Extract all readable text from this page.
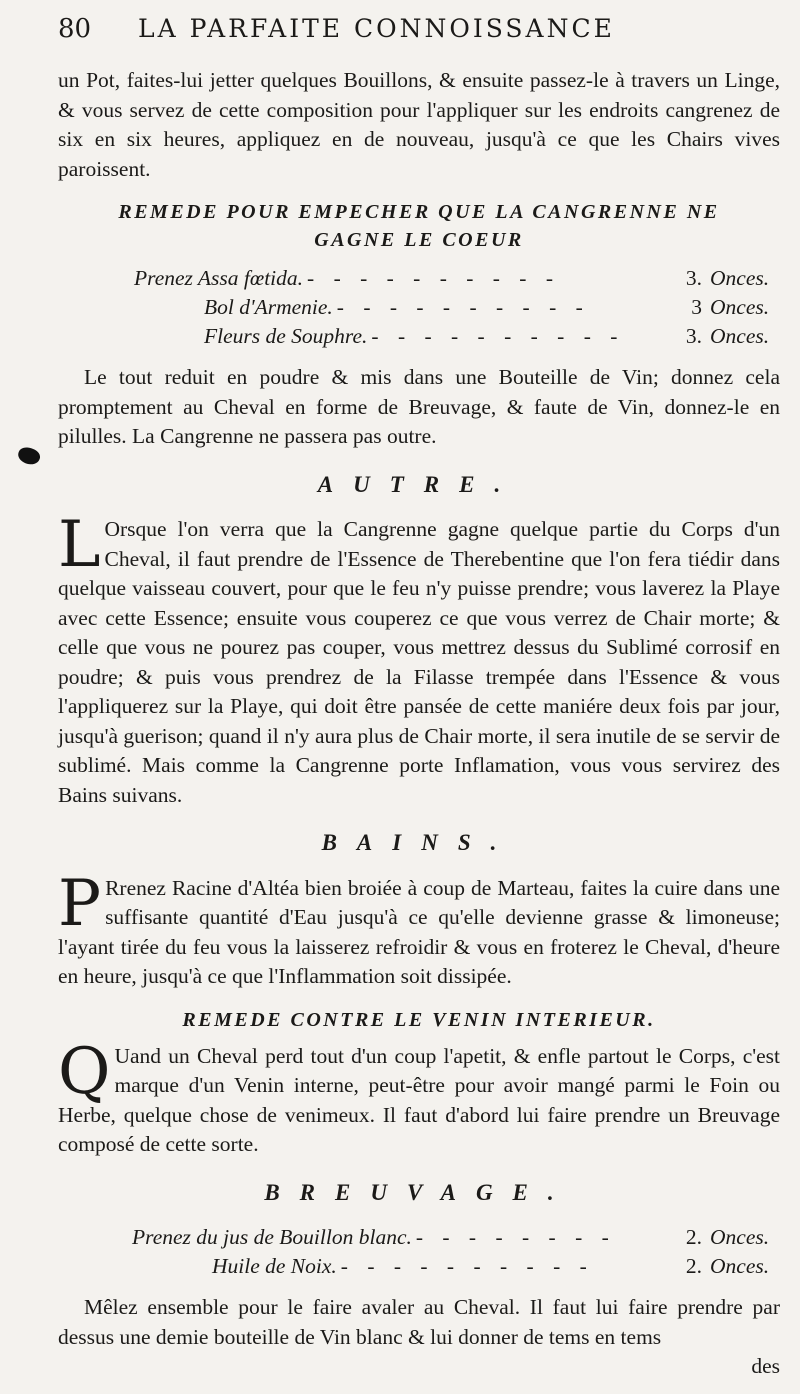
80	LA PARFAITE CONNOISSANCE

un Pot, faites-lui jetter quelques Bouillons, & ensuite passez-le à travers un Linge, & vous servez de cette composition pour l'appliquer sur les endroits cangrenez de six en six heures, appliquez en de nouveau, jusqu'à ce que les Chairs vives paroissent.

REMEDE POUR EMPECHER QUE LA CANGRENNE NE GAGNE LE COEUR
Prenez Assa fœtida. - - - - - - - - - -	3. Onces.
Bol d'Armenie. - - - - - - - - - -	3 Onces.
Fleurs de Souphre. - - - - - - - - - -	3. Onces.

Le tout reduit en poudre & mis dans une Bouteille de Vin; donnez cela promptement au Cheval en forme de Breuvage, & faute de Vin, donnez-le en pilulles. La Cangrenne ne passera pas outre.

AUTRE.

L Orsque l'on verra que la Cangrenne gagne quelque partie du Corps d'un Cheval, il faut prendre de l'Essence de Therebentine que l'on fera tiédir dans quelque vaisseau couvert, pour que le feu n'y puisse prendre; vous laverez la Playe avec cette Essence; ensuite vous couperez ce que vous verrez de Chair morte; & celle que vous ne pourez pas couper, vous mettrez dessus du Sublimé corrosif en poudre; & puis vous prendrez de la Filasse trempée dans l'Essence & vous l'appliquerez sur la Playe, qui doit être pansée de cette maniére deux fois par jour, jusqu'à guerison; quand il n'y aura plus de Chair morte, il sera inutile de se servir de sublimé. Mais comme la Cangrenne porte Inflamation, vous vous servirez des Bains suivans.

BAINS.

P Rrenez Racine d'Altéa bien broiée à coup de Marteau, faites la cuire dans une suffisante quantité d'Eau jusqu'à ce qu'elle devienne grasse & limoneuse; l'ayant tirée du feu vous la laisserez refroidir & vous en froterez le Cheval, d'heure en heure, jusqu'à ce que l'Inflammation soit dissipée.

REMEDE CONTRE LE VENIN INTERIEUR.

Q Uand un Cheval perd tout d'un coup l'apetit, & enfle partout le Corps, c'est marque d'un Venin interne, peut-être pour avoir mangé parmi le Foin ou Herbe, quelque chose de venimeux. Il faut d'abord lui faire prendre un Breuvage composé de cette sorte.

BREUVAGE.
Prenez du jus de Bouillon blanc. - - - - - - - -	2. Onces.
Huile de Noix. - - - - - - - - - -	2. Onces.

Mêlez ensemble pour le faire avaler au Cheval. Il faut lui faire prendre par dessus une demie bouteille de Vin blanc & lui donner de tems en tems

des
